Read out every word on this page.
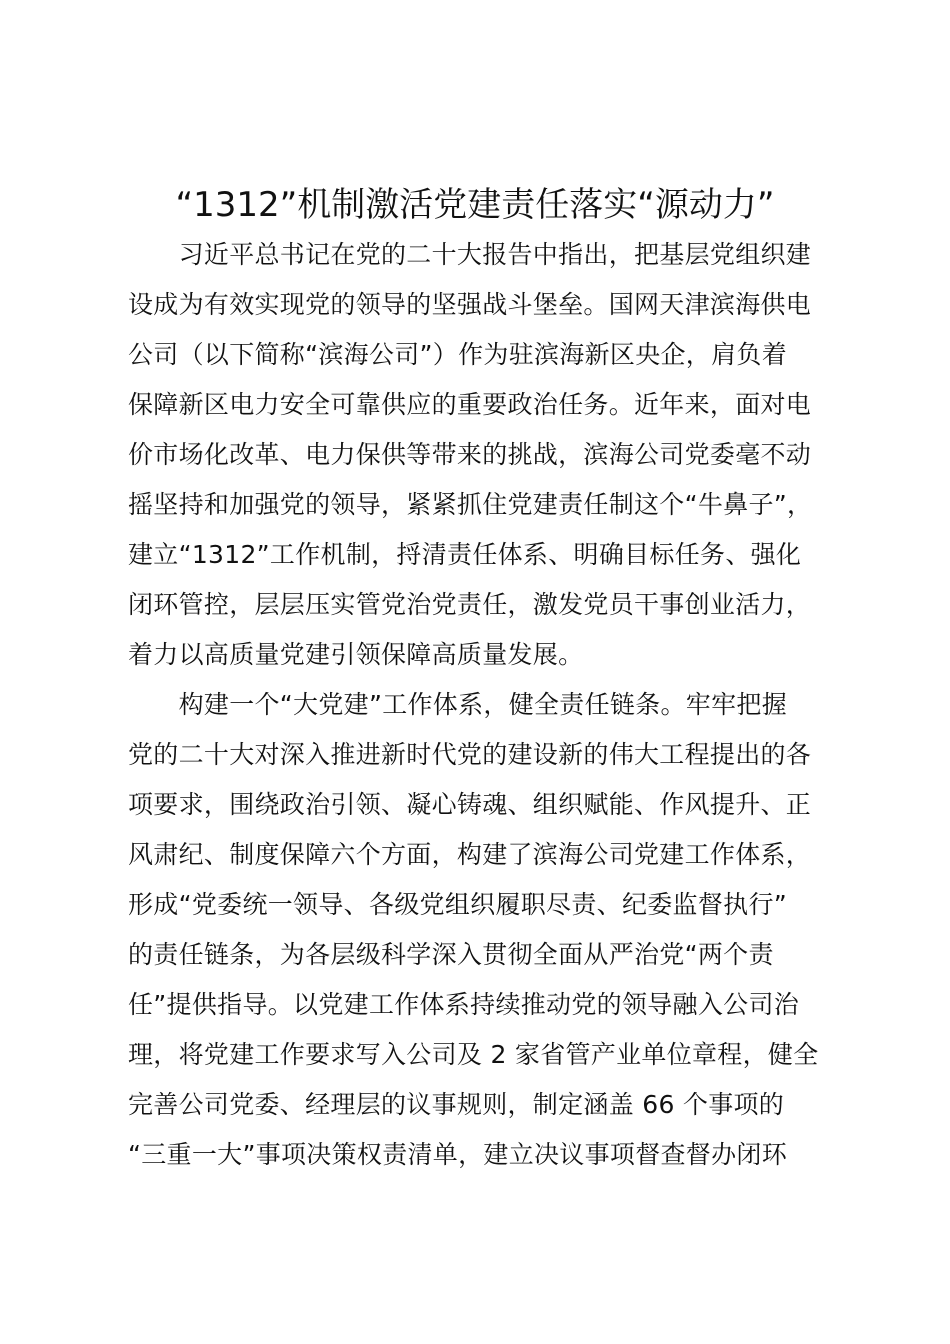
“1312”机制激活党建责任落实“源动力”
　　习近平总书记在党的二十大报告中指出，把基层党组织建
设成为有效实现党的领导的坚强战斗堡垒。国网天津滨海供电
公司（以下简称“滨海公司”）作为驻滨海新区央企，肩负着
保障新区电力安全可靠供应的重要政治任务。近年来，面对电
价市场化改革、电力保供等带来的挑战，滨海公司党委毫不动
摇坚持和加强党的领导，紧紧抓住党建责任制这个“牛鼻子”，
建立“1312”工作机制，捋清责任体系、明确目标任务、强化
闭环管控，层层压实管党治党责任，激发党员干事创业活力，
着力以高质量党建引领保障高质量发展。
　　构建一个“大党建”工作体系，健全责任链条。牢牢把握
党的二十大对深入推进新时代党的建设新的伟大工程提出的各
项要求，围绕政治引领、凝心铸魂、组织赋能、作风提升、正
风肃纪、制度保障六个方面，构建了滨海公司党建工作体系，
形成“党委统一领导、各级党组织履职尽责、纪委监督执行”
的责任链条，为各层级科学深入贯彻全面从严治党“两个责
任”提供指导。以党建工作体系持续推动党的领导融入公司治
理，将党建工作要求写入公司及 2 家省管产业单位章程，健全
完善公司党委、经理层的议事规则，制定涵盖 66 个事项的
“三重一大”事项决策权责清单，建立决议事项督查督办闭环
